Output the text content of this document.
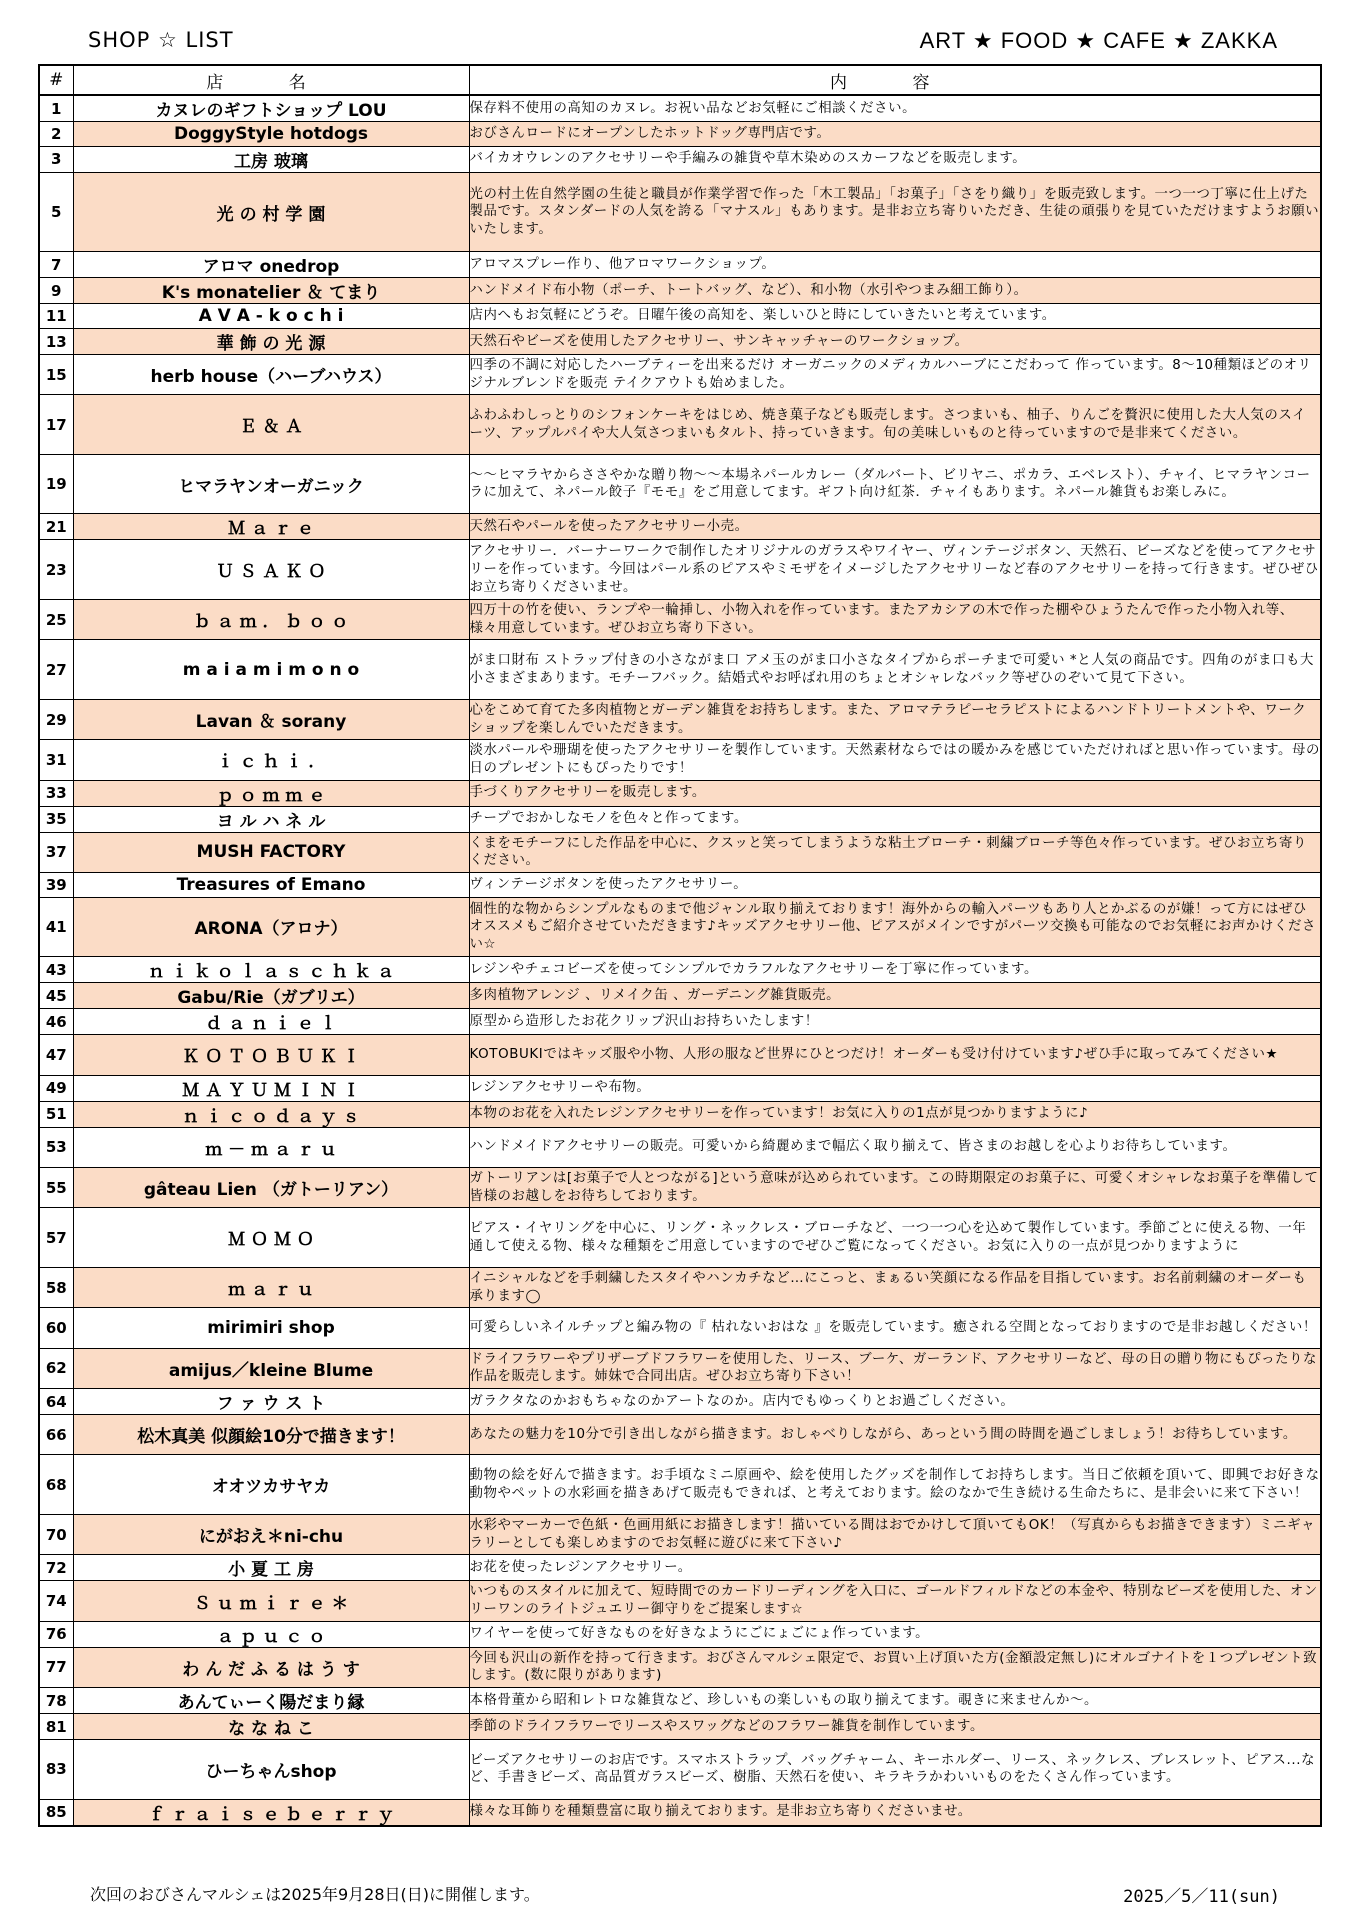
SHOP ☆ LIST	ART ★ FOOD ★ CAFE ★ ZAKKA
#	店 名	内 容
1	カヌレのギフトショップ LOU	保存料不使用の高知のカヌレ。お祝い品などお気軽にご相談ください。
2	DoggyStyle hotdogs	おびさんロードにオープンしたホットドッグ専門店です。
3	工房 玻璃	バイカオウレンのアクセサリーや手編みの雑貨や草木染めのスカーフなどを販売します。
5	光 の 村 学 園	光の村土佐自然学園の生徒と職員が作業学習で作った「木工製品」「お菓子」「さをり織り」を販売致します。一つ一つ丁寧に仕上げた製品です。スタンダードの人気を誇る「マナスル」もあります。是非お立ち寄りいただき、生徒の頑張りを見ていただけますようお願いいたします。
7	アロマ onedrop	アロマスプレー作り、他アロマワークショップ。
9	K's monatelier ＆ てまり	ハンドメイド布小物（ポーチ、トートバッグ、など）、和小物（水引やつまみ細工飾り）。
11	A V A - k o c h i	店内へもお気軽にどうぞ。日曜午後の高知を、楽しいひと時にしていきたいと考えています。
13	華 飾 の 光 源	天然石やビーズを使用したアクセサリー、サンキャッチャーのワークショップ。
15	herb house（ハーブハウス）	四季の不調に対応したハーブティーを出来るだけ オーガニックのメディカルハーブにこだわって 作っています。8～10種類ほどのオリジナルブレンドを販売 テイクアウトも始めました。
17	Ｅ ＆ Ａ	ふわふわしっとりのシフォンケーキをはじめ、焼き菓子なども販売します。さつまいも、柚子、りんごを贅沢に使用した大人気のスイーツ、アップルパイや大人気さつまいもタルト、持っていきます。旬の美味しいものと待っていますので是非来てください。
19	ヒマラヤンオーガニック	～～ヒマラヤからささやかな贈り物～～本場ネパールカレー（ダルバート、ビリヤニ、ポカラ、エベレスト）、チャイ、ヒマラヤンコーラに加えて、ネパール餃子『モモ』をご用意してます。ギフト向け紅茶．チャイもあります。ネパール雑貨もお楽しみに。
21	Ｍ ａ ｒ ｅ	天然石やパールを使ったアクセサリー小売。
23	Ｕ Ｓ Ａ Ｋ Ｏ	アクセサリー．バーナーワークで制作したオリジナルのガラスやワイヤー、ヴィンテージボタン、天然石、ビーズなどを使ってアクセサリーを作っています。今回はパール系のピアスやミモザをイメージしたアクセサリーなど春のアクセサリーを持って行きます。ぜひぜひお立ち寄りくださいませ。
25	ｂ ａ ｍ ． ｂ ｏ ｏ	四万十の竹を使い、ランプや一輪挿し、小物入れを作っています。またアカシアの木で作った棚やひょうたんで作った小物入れ等、様々用意しています。ぜひお立ち寄り下さい。
27	m a i a m i m o n o	がま口財布 ストラップ付きの小さながま口 アメ玉のがま口小さなタイプからポーチまで可愛い *と人気の商品です。四角のがま口も大小さまざまあります。モチーフバック。結婚式やお呼ばれ用のちょとオシャレなバック等ぜひのぞいて見て下さい。
29	Lavan ＆ sorany	心をこめて育てた多肉植物とガーデン雑貨をお持ちします。また、アロマテラピーセラピストによるハンドトリートメントや、ワークショップを楽しんでいただきます。
31	ｉ ｃ ｈ ｉ ．	淡水パールや珊瑚を使ったアクセサリーを製作しています。天然素材ならではの暖かみを感じていただければと思い作っています。母の日のプレゼントにもぴったりです！
33	ｐ ｏ ｍ ｍ ｅ	手づくりアクセサリーを販売します。
35	ヨ ル ハ ネ ル	チープでおかしなモノを色々と作ってます。
37	MUSH FACTORY	くまをモチーフにした作品を中心に、クスッと笑ってしまうような粘土ブローチ・刺繍ブローチ等色々作っています。ぜひお立ち寄りください。
39	Treasures of Emano	ヴィンテージボタンを使ったアクセサリー。
41	ARONA（アロナ）	個性的な物からシンプルなものまで他ジャンル取り揃えております！海外からの輸入パーツもあり人とかぶるのが嫌！って方にはぜひオススメもご紹介させていただきます♪キッズアクセサリー他、ピアスがメインですがパーツ交換も可能なのでお気軽にお声かけください☆
43	ｎ ｉ ｋ ｏ ｌ ａ ｓ ｃ ｈ ｋ ａ	レジンやチェコビーズを使ってシンプルでカラフルなアクセサリーを丁寧に作っています。
45	Gabu/Rie（ガブリエ）	多肉植物アレンジ 、リメイク缶 、ガーデニング雑貨販売。
46	ｄ ａ ｎ ｉ ｅ ｌ	原型から造形したお花クリップ沢山お持ちいたします！
47	Ｋ Ｏ Ｔ Ｏ Ｂ Ｕ Ｋ Ｉ	KOTOBUKIではキッズ服や小物、人形の服など世界にひとつだけ！オーダーも受け付けています♪ぜひ手に取ってみてください★
49	Ｍ Ａ Ｙ Ｕ Ｍ Ｉ Ｎ Ｉ	レジンアクセサリーや布物。
51	ｎ ｉ ｃ ｏ ｄ ａ ｙ ｓ	本物のお花を入れたレジンアクセサリーを作っています！お気に入りの1点が見つかりますように♪
53	ｍ － ｍ ａ ｒ ｕ	ハンドメイドアクセサリーの販売。可愛いから綺麗めまで幅広く取り揃えて、皆さまのお越しを心よりお待ちしています。
55	gâteau Lien （ガトーリアン）	ガトーリアンは[お菓子で人とつながる]という意味が込められています。この時期限定のお菓子に、可愛くオシャレなお菓子を準備して皆様のお越しをお待ちしております。
57	Ｍ Ｏ Ｍ Ｏ	ピアス・イヤリングを中心に、リング・ネックレス・ブローチなど、一つ一つ心を込めて製作しています。季節ごとに使える物、一年通して使える物、様々な種類をご用意していますのでぜひご覧になってください。お気に入りの一点が見つかりますように
58	ｍ ａ ｒ ｕ	イニシャルなどを手刺繍したスタイやハンカチなど…にこっと、まぁるい笑顔になる作品を目指しています。お名前刺繍のオーダーも承ります◯
60	mirimiri shop	可愛らしいネイルチップと編み物の『 枯れないおはな 』を販売しています。癒される空間となっておりますので是非お越しください！
62	amijus／kleine Blume	ドライフラワーやプリザーブドフラワーを使用した、リース、ブーケ、ガーランド、アクセサリーなど、母の日の贈り物にもぴったりな作品を販売します。姉妹で合同出店。ぜひお立ち寄り下さい！
64	フ ァ ウ ス ト	ガラクタなのかおもちゃなのかアートなのか。店内でもゆっくりとお過ごしください。
66	松木真美 似顔絵10分で描きます！	あなたの魅力を10分で引き出しながら描きます。おしゃべりしながら、あっという間の時間を過ごしましょう！お待ちしています。
68	オオツカサヤカ	動物の絵を好んで描きます。お手頃なミニ原画や、絵を使用したグッズを制作してお持ちします。当日ご依頼を頂いて、即興でお好きな動物やペットの水彩画を描きあげて販売もできれば、と考えております。絵のなかで生き続ける生命たちに、是非会いに来て下さい！
70	にがおえ＊ni-chu	水彩やマーカーで色紙・色画用紙にお描きします！描いている間はおでかけして頂いてもOK！（写真からもお描きできます）ミニギャラリーとしても楽しめますのでお気軽に遊びに来て下さい♪
72	小 夏 工 房	お花を使ったレジンアクセサリー。
74	Ｓ ｕ ｍ ｉ ｒ ｅ ＊	いつものスタイルに加えて、短時間でのカードリーディングを入口に、ゴールドフィルドなどの本金や、特別なビーズを使用した、オンリーワンのライトジュエリー御守りをご提案します☆
76	ａ ｐ ｕ ｃ ｏ	ワイヤーを使って好きなものを好きなようにごにょごにょ作っています。
77	わ ん だ ふ る は う す	今回も沢山の新作を持って行きます。おびさんマルシェ限定で、お買い上げ頂いた方(金額設定無し)にオルゴナイトを１つプレゼント致します。(数に限りがあります)
78	あんてぃーく陽だまり縁	本格骨董から昭和レトロな雑貨など、珍しいもの楽しいもの取り揃えてます。覗きに来ませんか～。
81	な な ね こ	季節のドライフラワーでリースやスワッグなどのフラワー雑貨を制作しています。
83	ひーちゃんshop	ビーズアクセサリーのお店です。スマホストラップ、バッグチャーム、キーホルダー、リース、ネックレス、ブレスレット、ピアス...など、手書きビーズ、高品質ガラスビーズ、樹脂、天然石を使い、キラキラかわいいものをたくさん作っています。
85	ｆ ｒ ａ ｉ ｓ ｅ ｂ ｅ ｒ ｒ ｙ	様々な耳飾りを種類豊富に取り揃えております。是非お立ち寄りくださいませ。
次回のおびさんマルシェは2025年9月28日(日)に開催します。	2025／5／11(sun)
